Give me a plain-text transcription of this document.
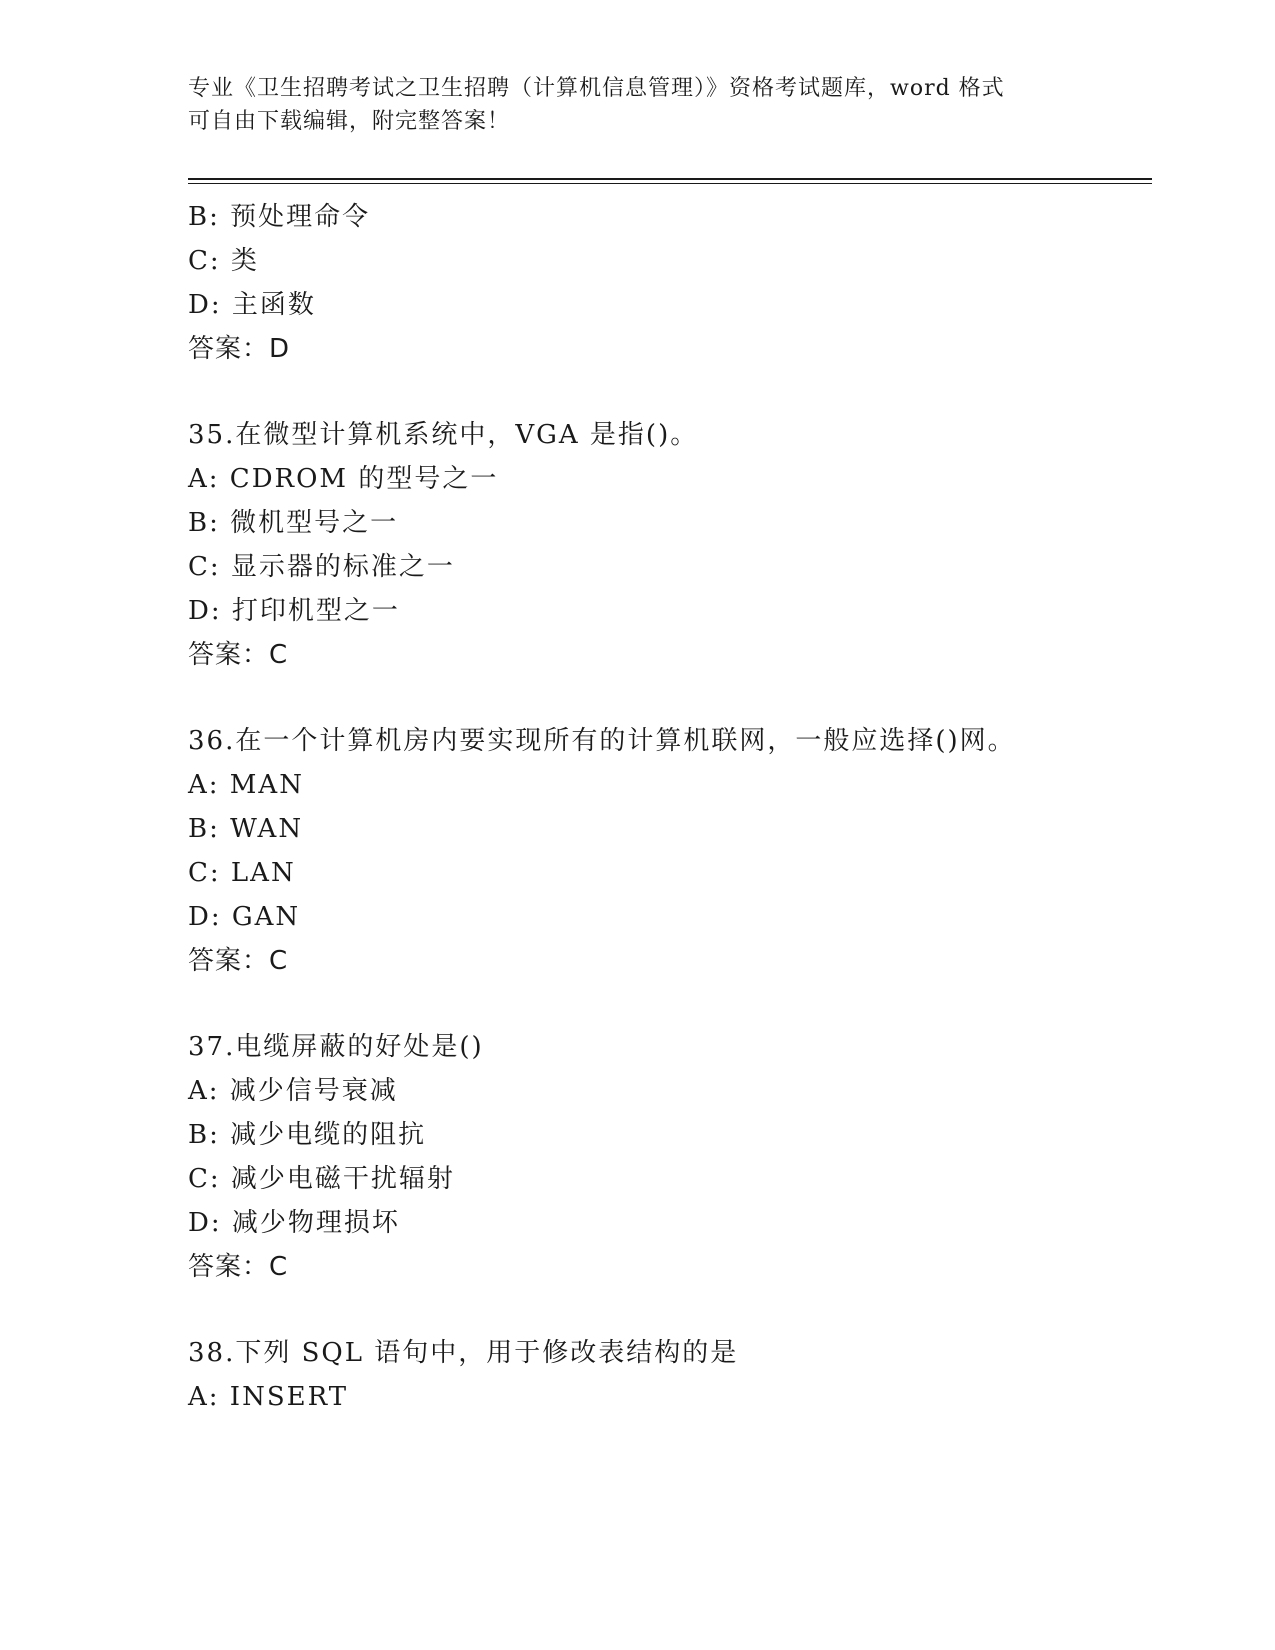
专业《卫生招聘考试之卫生招聘（计算机信息管理）》资格考试题库，word 格式
可自由下载编辑，附完整答案！
B: 预处理命令
C: 类
D: 主函数
答案：D
35.在微型计算机系统中，VGA 是指()。
A: CDROM 的型号之一
B: 微机型号之一
C: 显示器的标准之一
D: 打印机型之一
答案：C
36.在一个计算机房内要实现所有的计算机联网，一般应选择()网。
A: MAN
B: WAN
C: LAN
D: GAN
答案：C
37.电缆屏蔽的好处是()
A: 减少信号衰减
B: 减少电缆的阻抗
C: 减少电磁干扰辐射
D: 减少物理损坏
答案：C
38.下列 SQL 语句中，用于修改表结构的是
A: INSERT
